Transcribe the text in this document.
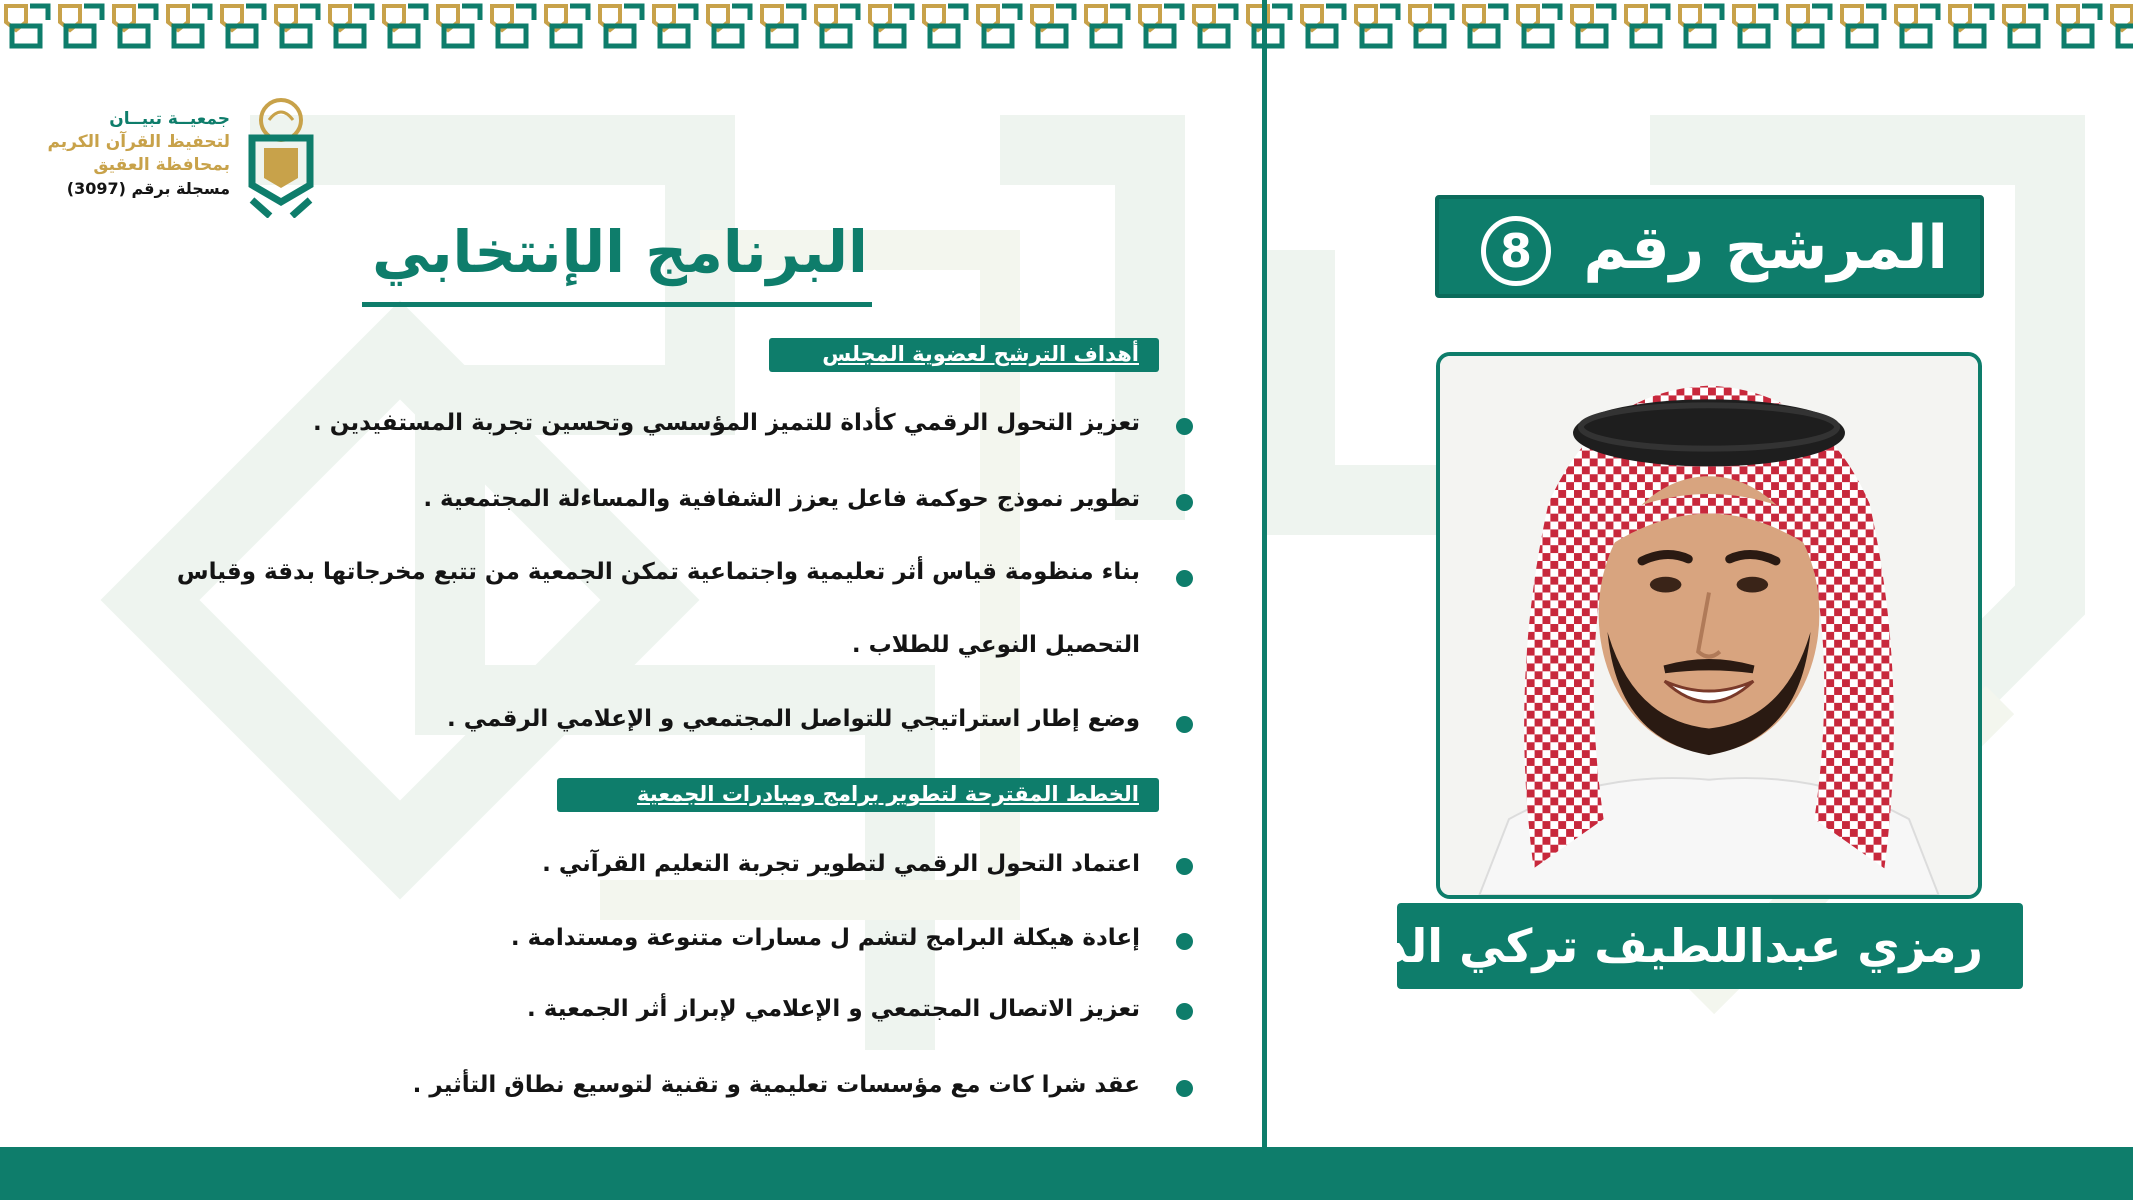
جمعيــة تبيــان
لتحفيظ القرآن الكريم
بمحافظة العقيق
مسجلة برقم (3097)
البرنامج الإنتخابي
أهداف الترشح لعضوية المجلس
تعزيز التحول الرقمي كأداة للتميز المؤسسي وتحسين تجربة المستفيدين .
تطوير نموذج حوكمة فاعل يعزز الشفافية والمساءلة المجتمعية .
بناء منظومة قياس أثر تعليمية واجتماعية تمكن الجمعية من تتبع مخرجاتها بدقة وقياس
التحصيل النوعي للطلاب .
وضع إطار استراتيجي للتواصل المجتمعي و الإعلامي الرقمي .
الخطط المقترحة لتطوير برامج ومبادرات الجمعية
اعتماد التحول الرقمي لتطوير تجربة التعليم القرآني .
إعادة هيكلة البرامج لتشم ل مسارات متنوعة ومستدامة .
تعزيز الاتصال المجتمعي و الإعلامي لإبراز أثر الجمعية .
عقد شرا كات مع مؤسسات تعليمية و تقنية لتوسيع نطاق التأثير .
المرشح رقم
8
رمزي عبداللطيف تركي الذبياني
